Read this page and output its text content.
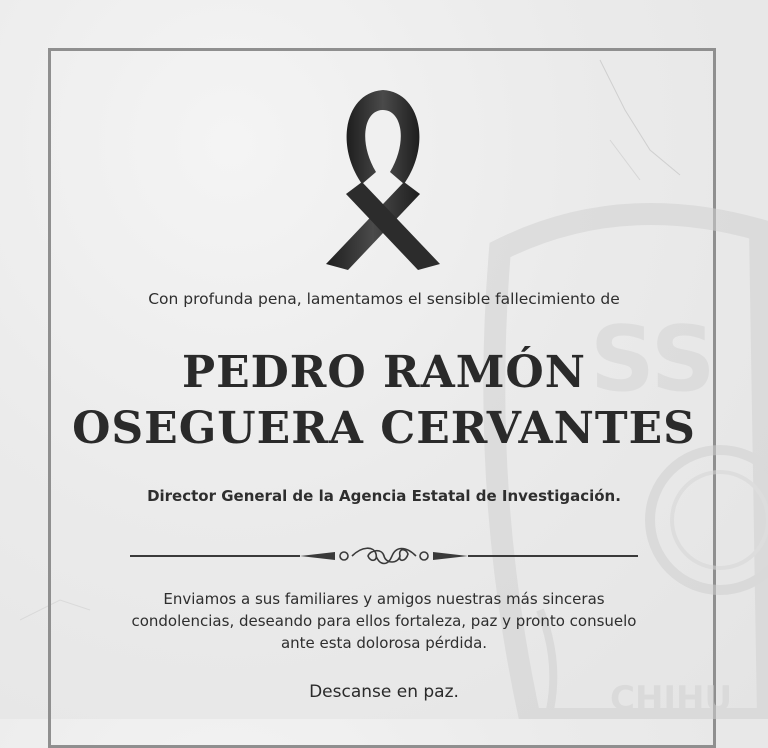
SS
CHIHU
Con profunda pena, lamentamos el sensible fallecimiento de
PEDRO RAMÓN
OSEGUERA CERVANTES
Director General de la Agencia Estatal de Investigación.
Enviamos a sus familiares y amigos nuestras más sinceras
condolencias, deseando para ellos fortaleza, paz y pronto consuelo
ante esta dolorosa pérdida.
Descanse en paz.
